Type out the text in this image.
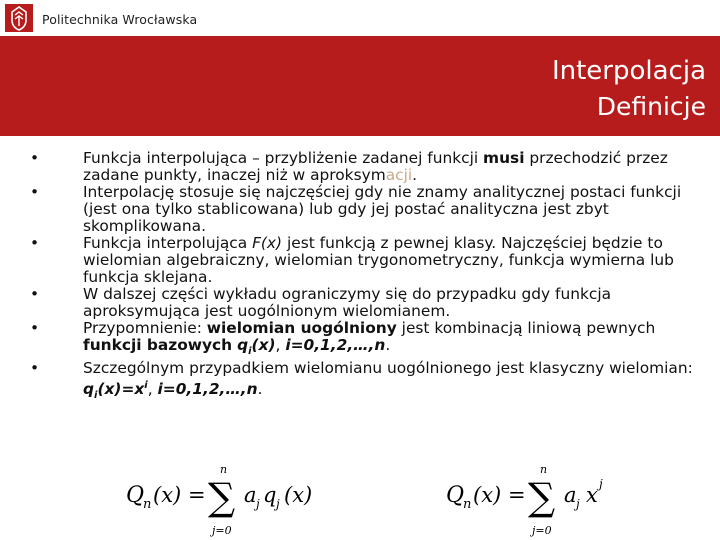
Politechnika Wrocławska
Interpolacja
Definicje
•	Funkcja interpolująca – przybliżenie zadanej funkcji musi przechodzić przez zadane punkty, inaczej niż w aproksymacji.
•	Interpolację stosuje się najczęściej gdy nie znamy analitycznej postaci funkcji (jest ona tylko stablicowana) lub gdy jej postać analityczna jest zbyt skomplikowana.
•	Funkcja interpolująca F(x) jest funkcją z pewnej klasy. Najczęściej będzie to wielomian algebraiczny, wielomian trygonometryczny, funkcja wymierna lub funkcja sklejana.
•	W dalszej części wykładu ograniczymy się do przypadku gdy funkcja aproksymująca jest uogólnionym wielomianem.
•	Przypomnienie: wielomian uogólniony jest kombinacją liniową pewnych funkcji bazowych $q_i(x)$, i=0,1,2,…,n.
•	Szczególnym przypadkiem wielomianu uogólnionego jest klasyczny wielomian: $q_i(x)=x^i$, i=0,1,2,…,n.
Q
n (x) =
n
∑
j=0
a j q j (x)	Q
n (x) =
n
∑
j=0
a j x j
